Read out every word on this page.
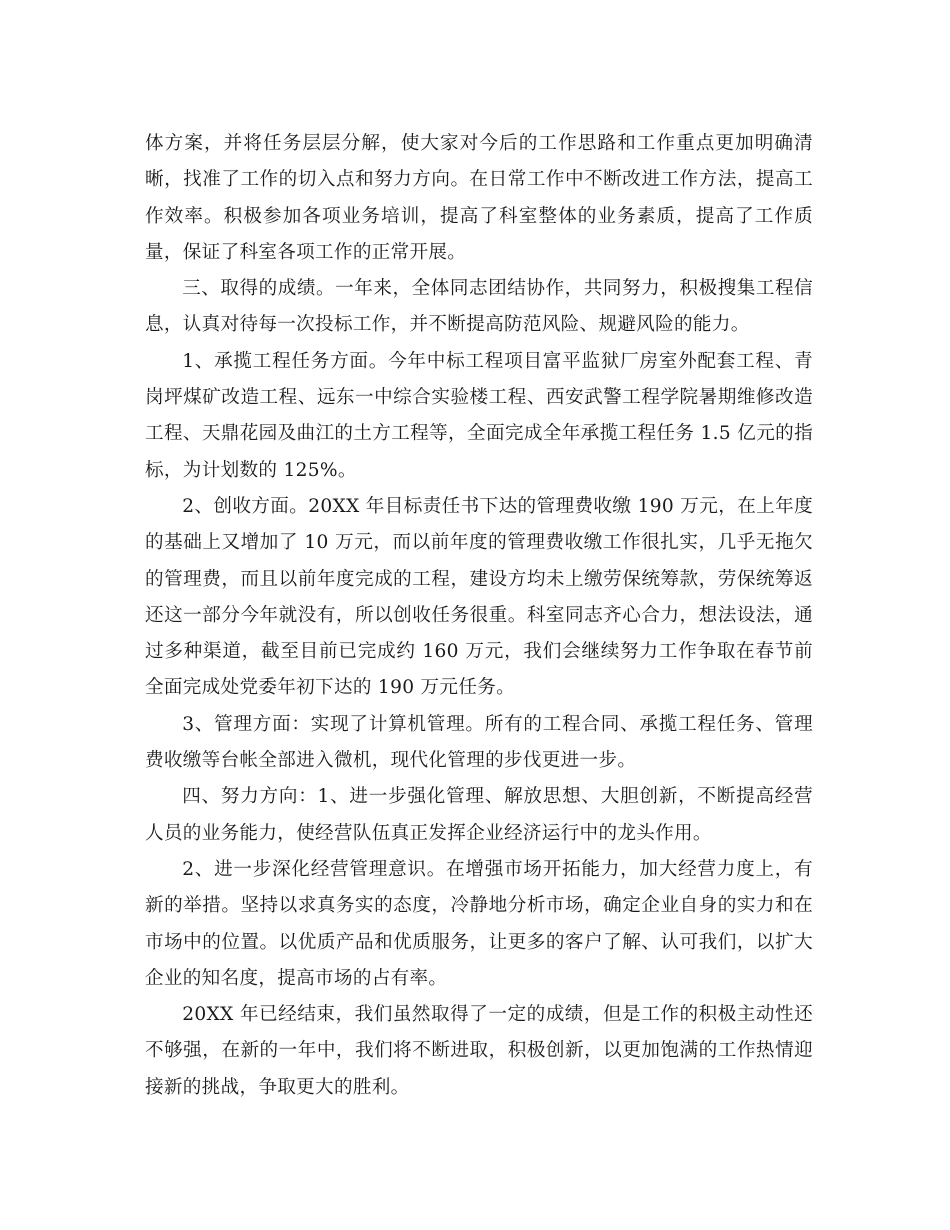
体方案，并将任务层层分解，使大家对今后的工作思路和工作重点更加明确清晰，找准了工作的切入点和努力方向。在日常工作中不断改进工作方法，提高工作效率。积极参加各项业务培训，提高了科室整体的业务素质，提高了工作质量，保证了科室各项工作的正常开展。

三、取得的成绩。一年来，全体同志团结协作，共同努力，积极搜集工程信息，认真对待每一次投标工作，并不断提高防范风险、规避风险的能力。

1、承揽工程任务方面。今年中标工程项目富平监狱厂房室外配套工程、青岗坪煤矿改造工程、远东一中综合实验楼工程、西安武警工程学院暑期维修改造工程、天鼎花园及曲江的土方工程等，全面完成全年承揽工程任务 1.5 亿元的指标，为计划数的 125%。

2、创收方面。20XX 年目标责任书下达的管理费收缴 190 万元，在上年度的基础上又增加了 10 万元，而以前年度的管理费收缴工作很扎实，几乎无拖欠的管理费，而且以前年度完成的工程，建设方均未上缴劳保统筹款，劳保统筹返还这一部分今年就没有，所以创收任务很重。科室同志齐心合力，想法设法，通过多种渠道，截至目前已完成约 160 万元，我们会继续努力工作争取在春节前全面完成处党委年初下达的 190 万元任务。

3、管理方面：实现了计算机管理。所有的工程合同、承揽工程任务、管理费收缴等台帐全部进入微机，现代化管理的步伐更进一步。

四、努力方向：1、进一步强化管理、解放思想、大胆创新，不断提高经营人员的业务能力，使经营队伍真正发挥企业经济运行中的龙头作用。

2、进一步深化经营管理意识。在增强市场开拓能力，加大经营力度上，有新的举措。坚持以求真务实的态度，冷静地分析市场，确定企业自身的实力和在市场中的位置。以优质产品和优质服务，让更多的客户了解、认可我们，以扩大企业的知名度，提高市场的占有率。

20XX 年已经结束，我们虽然取得了一定的成绩，但是工作的积极主动性还不够强，在新的一年中，我们将不断进取，积极创新，以更加饱满的工作热情迎接新的挑战，争取更大的胜利。
